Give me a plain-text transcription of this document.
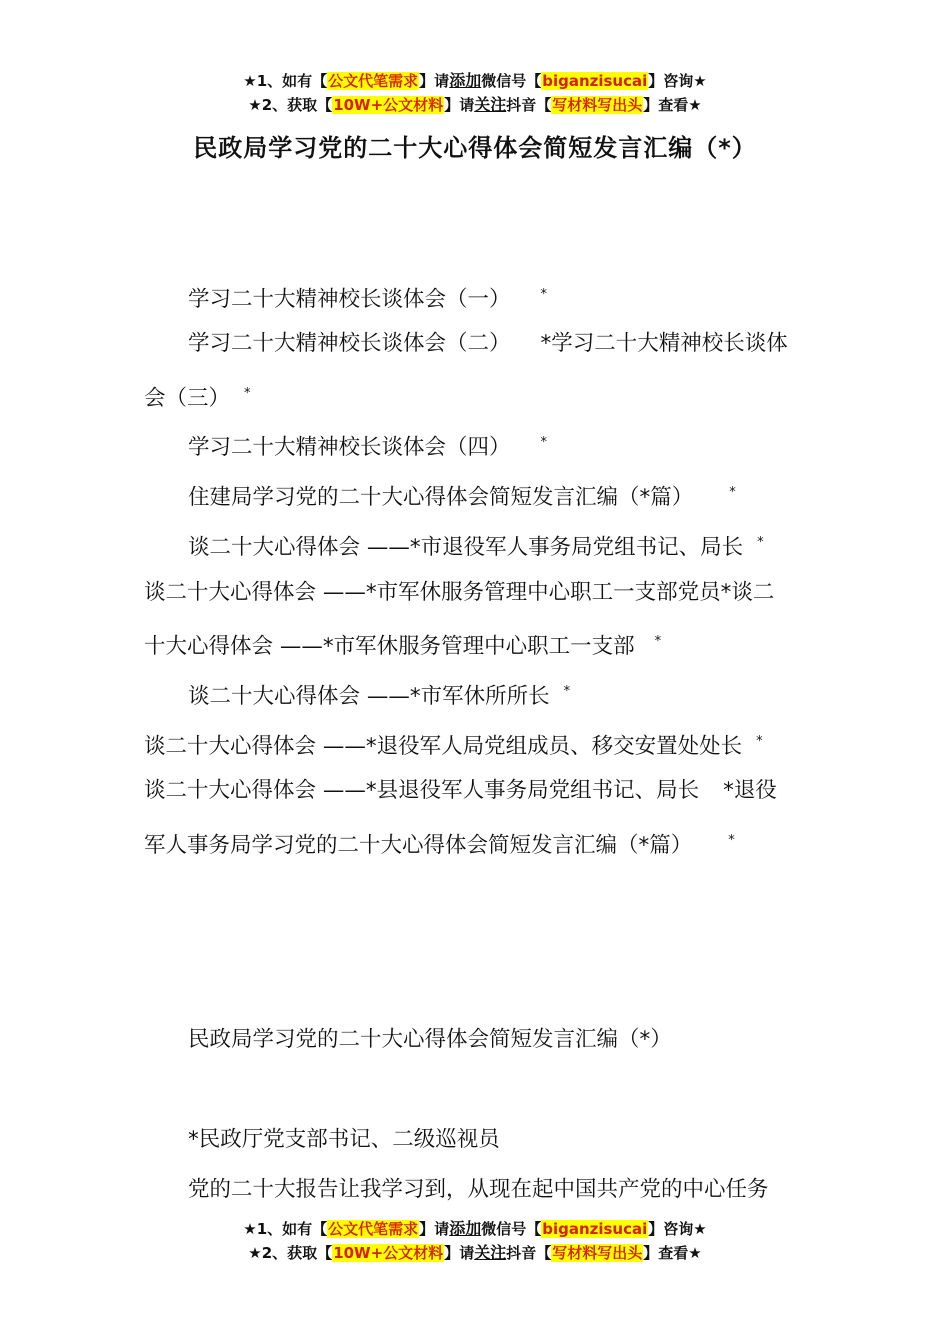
★1、如有【公文代笔需求】请添加微信号【biganzisucai】咨询★
★2、获取【10W+公文材料】请关注抖音【写材料写出头】查看★
民政局学习党的二十大心得体会简短发言汇编（*）
学习二十大精神校长谈体会（一） *
学习二十大精神校长谈体会（二） *学习二十大精神校长谈体
会（三） *
学习二十大精神校长谈体会（四） *
住建局学习党的二十大心得体会简短发言汇编（*篇）	*
谈二十大心得体会 ——*市退役军人事务局党组书记、局长 *
谈二十大心得体会 ——*市军休服务管理中心职工一支部党员*谈二
十大心得体会 ——*市军休服务管理中心职工一支部 *
谈二十大心得体会 ——*市军休所所长 *
谈二十大心得体会 ——*退役军人局党组成员、移交安置处处长 *
谈二十大心得体会 ——*县退役军人事务局党组书记、局长 *退役
军人事务局学习党的二十大心得体会简短发言汇编（*篇）	*
民政局学习党的二十大心得体会简短发言汇编（*）
*民政厅党支部书记、二级巡视员
党的二十大报告让我学习到，从现在起中国共产党的中心任务
★1、如有【公文代笔需求】请添加微信号【biganzisucai】咨询★
★2、获取【10W+公文材料】请关注抖音【写材料写出头】查看★
